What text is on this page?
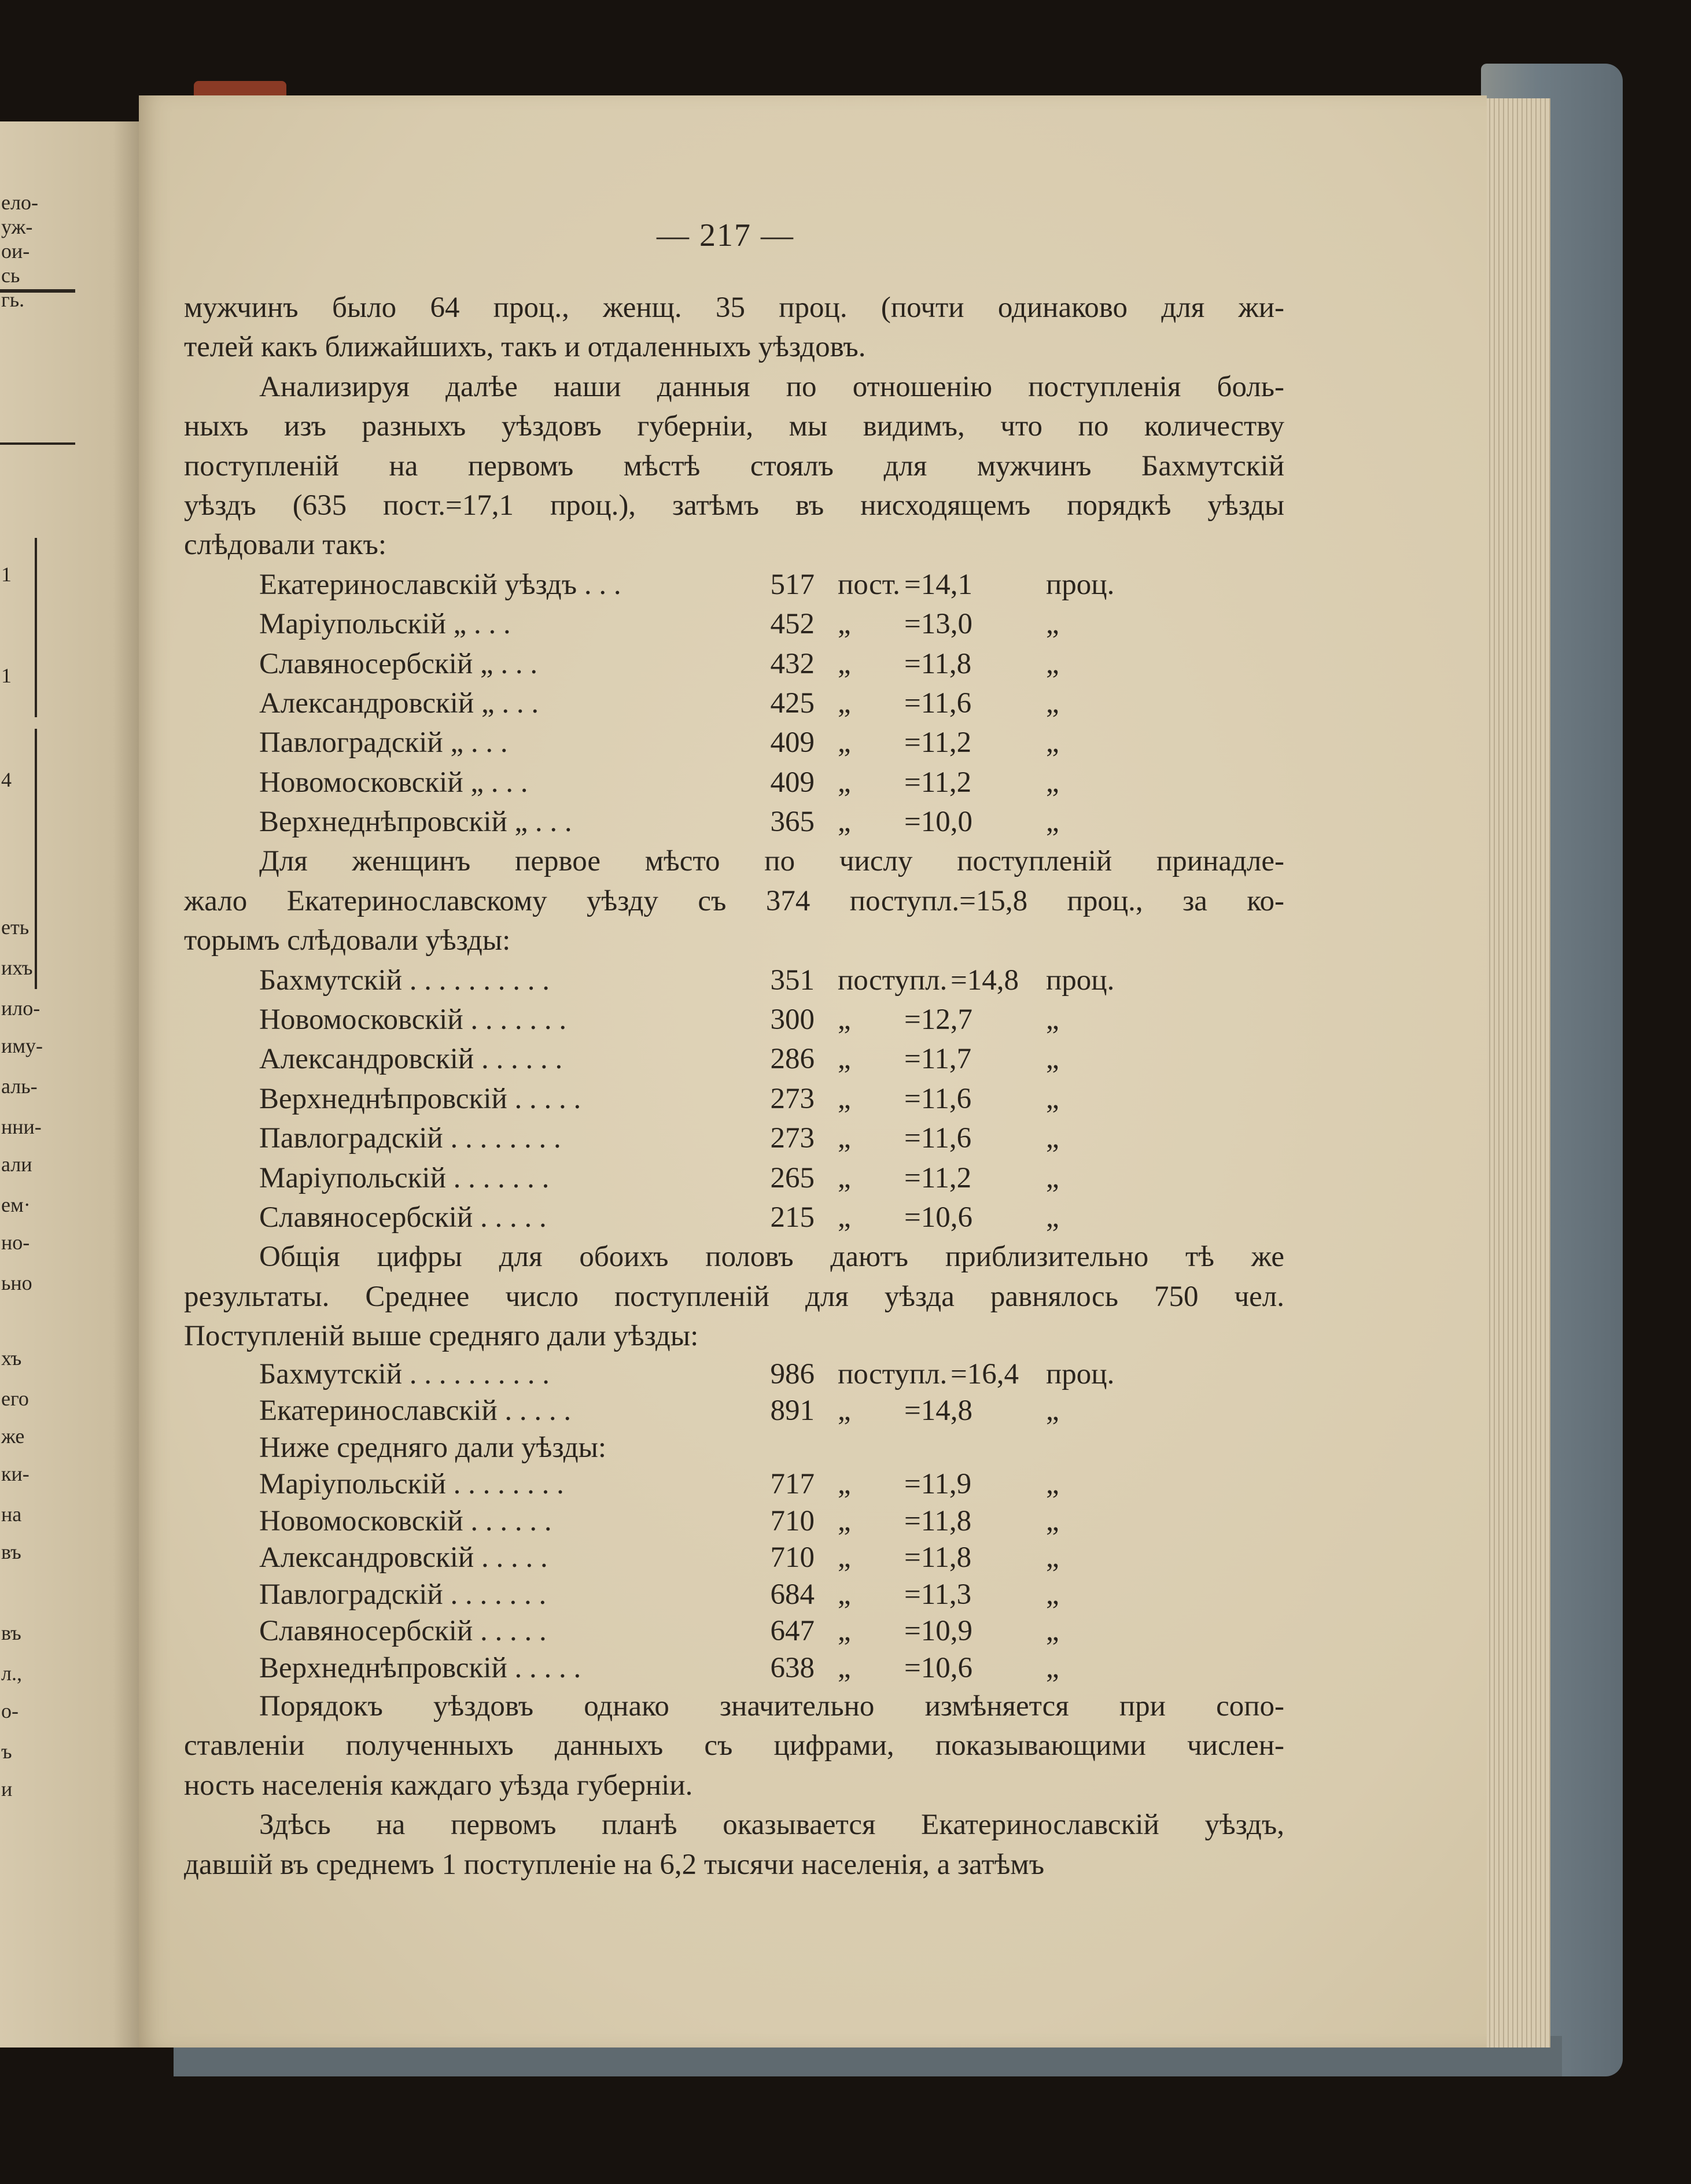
ело-
уж-
ои-
сь
гь.
1
1
4
еть
ихъ
ило-
иму-
аль-
нни-
али
ем·
но-
ьно
хъ
его
же
ки-
на
въ
въ
л.,
о-
ъ
и
— 217 —
мужчинъ было 64 проц., женщ. 35 проц. (почти одинаково для жи-
телей какъ ближайшихъ, такъ и отдаленныхъ уѣздовъ.
Анализируя далѣе наши данныя по отношенію поступленія боль-
ныхъ изъ разныхъ уѣздовъ губерніи, мы видимъ, что по количеству
поступленій на первомъ мѣстѣ стоялъ для мужчинъ Бахмутскій
уѣздъ (635 пост.=17,1 проц.), затѣмъ въ нисходящемъ порядкѣ уѣзды
слѣдовали такъ:
Екатеринославскій уѣздъ . . .	517 пост. =14,1 проц.
Маріупольскій „ . . .	452 „ =13,0 „
Славяносербскій „ . . .	432 „ =11,8	„
Александровскій „ . . .	425 „ =11,6	„
Павлоградскій „ . . .	409 „ =11,2	„
Новомосковскій „ . . .	409 „ =11,2	„
Верхнеднѣпровскій „ . . .	365 „ =10,0 „
Для женщинъ первое мѣсто по числу поступленій принадле-
жало Екатеринославскому уѣзду съ 374 поступл.=15,8 проц., за ко-
торымъ слѣдовали уѣзды:
Бахмутскій . . . . . . . . . .	351 поступл. =14,8 проц.
Новомосковскій . . . . . . .	300 „ =12,7 „
Александровскій . . . . . .	286 „ =11,7	„
Верхнеднѣпровскій . . . . .	273 „ =11,6	„
Павлоградскій . . . . . . . .	273 „ =11,6	„
Маріупольскій . . . . . . .	265 „ =11,2	„
Славяносербскій . . . . .	215 „ =10,6 „
Общія цифры для обоихъ половъ даютъ приблизительно тѣ же
результаты. Среднее число поступленій для уѣзда равнялось 750 чел.
Поступленій выше средняго дали уѣзды:
Бахмутскій . . . . . . . . . .	986 поступл. =16,4 проц.
Екатеринославскій . . . . .	891 „ =14,8 „
Ниже средняго дали уѣзды:
Маріупольскій . . . . . . . .	717 „ =11,9	„
Новомосковскій . . . . . .	710 „ =11,8	„
Александровскій . . . . .	710 „ =11,8	„
Павлоградскій . . . . . . .	684 „ =11,3	„
Славяносербскій . . . . .	647 „ =10,9 „
Верхнеднѣпровскій . . . . .	638 „ =10,6 „
Порядокъ уѣздовъ однако значительно измѣняется при сопо-
ставленіи полученныхъ данныхъ съ цифрами, показывающими числен-
ность населенія каждаго уѣзда губерніи.
Здѣсь на первомъ планѣ оказывается Екатеринославскій уѣздъ,
давшій въ среднемъ 1 поступленіе на 6,2 тысячи населенія, а затѣмъ
